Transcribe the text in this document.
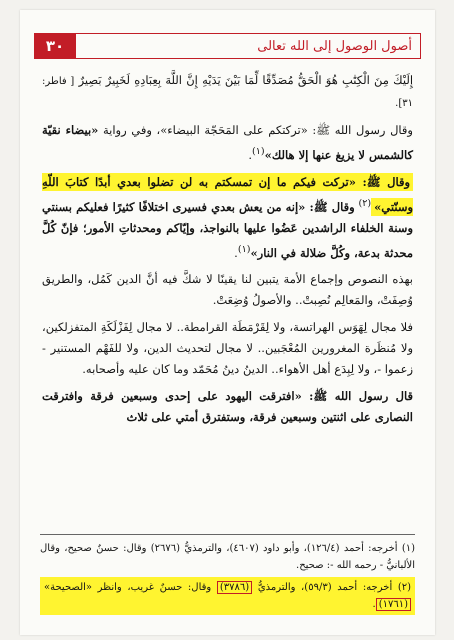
٣٠	أصول الوصول إلى الله تعالى

إِلَيْكَ مِنَ الْكِتَٰبِ هُوَ الْحَقُّ مُصَدِّقًا لِّمَا بَيْنَ يَدَيْهِ إِنَّ اللَّهَ بِعِبَادِهِ لَخَبِيرٌ بَصِيرٌ [ فاطر: ٣١].

وقال رسول الله ﷺ: «تركتكم على المَحَجّة البيضاء»، وفي رواية «بيضاء نقيّة كالشمس لا يزيغ عنها إلا هالك»$^{(١)}$.

وقال ﷺ: «تركت فيكم ما إن تمسكتم به لن تضلوا بعدي أبدًا كتابَ اللّهِ وسنّتي»$^{(٢)}$ وقال ﷺ: «إنه من يعش بعدي فسيرى اختلافًا كثيرًا فعليكم بسنتي وسنة الخلفاء الراشدين عَضُوا عليها بالنواجذ، وإيّاكم ومحدثاتِ الأمور؛ فإنّ كُلَّ محدثة بدعة، وكُلَّ ضلالة في النار»$^{(١)}$.

بهذه النصوص وإجماع الأمة يتبين لنا يقينًا لا شكَّ فيه أنَّ الدين كَمُل، والطريق وُصِفَتْ، والمَعالِم نُصِبتْ.. والأصولُ وُضِعَتْ.

فلا مجال لِهَوَس الهراتسة، ولا لِقَرْمَطَة القرامطة.. لا مجال لِفَزْلَكَةِ المتفزلكين، ولا مُنظَرة المغرورين المُعْجَبين.. لا مجال لتحديث الدين، ولا للفَهْم المستنير - زعموا -، ولا لِبِدَع أهل الأهواء.. الدينُ دينُ مُحَمّد وما كان عليه وأصحابه.

قال رسول الله ﷺ: «افترقت اليهود على إحدى وسبعين فرقة وافترقت النصارى على اثنتين وسبعين فرقة، وستفترق أمتي على ثلاث

(١) أخرجه: أحمد (١٢٦/٤)، وأبو داود (٤٦٠٧)، والترمذيُّ (٢٦٧٦) وقال: حسنٌ صحيح، وقال الألبانيُّ - رحمه الله -: صحيح.

(٢) أخرجه: أحمد (٥٩/٣)، والترمذيُّ (٣٧٨٦) وقال: حسنٌ غريب، وانظر «الصحيحة» (١٧٦١).
